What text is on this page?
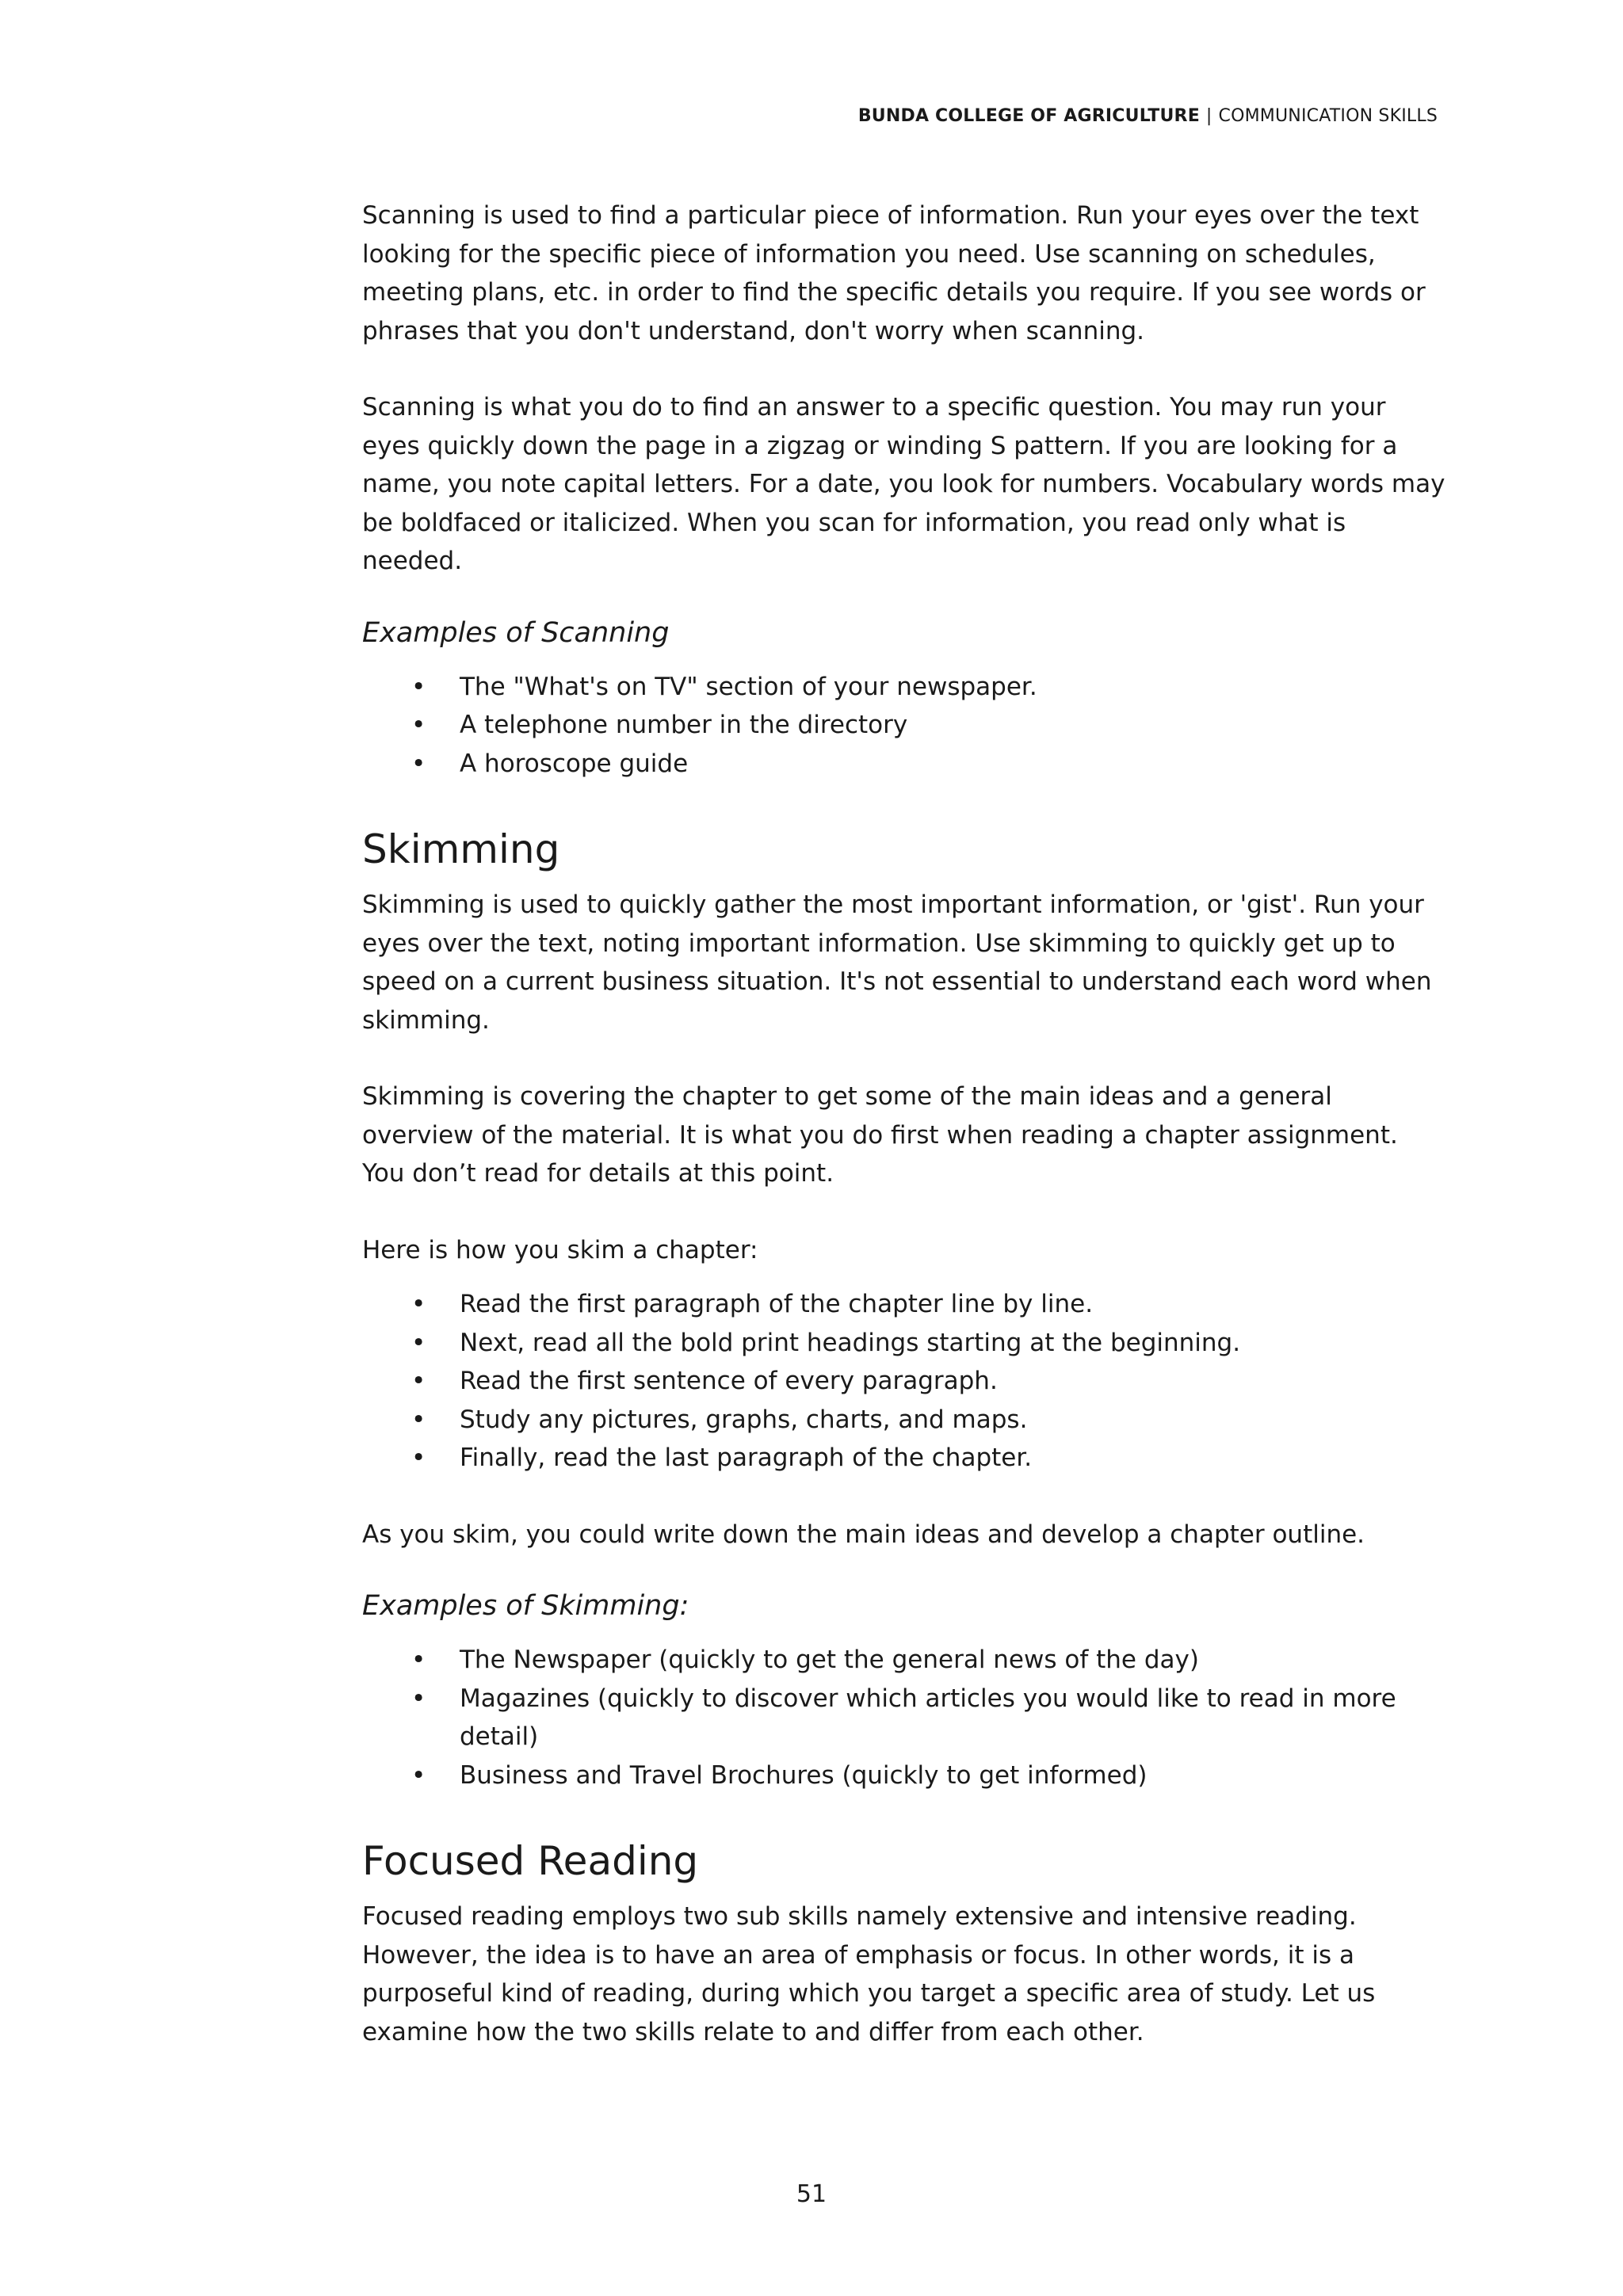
BUNDA COLLEGE OF AGRICULTURE | COMMUNICATION SKILLS

Scanning is used to find a particular piece of information. Run your eyes over the text looking for the specific piece of information you need. Use scanning on schedules, meeting plans, etc. in order to find the specific details you require. If you see words or phrases that you don't understand, don't worry when scanning.

Scanning is what you do to find an answer to a specific question. You may run your eyes quickly down the page in a zigzag or winding S pattern. If you are looking for a name, you note capital letters. For a date, you look for numbers. Vocabulary words may be boldfaced or italicized. When you scan for information, you read only what is needed.

Examples of Scanning
• The "What's on TV" section of your newspaper.
• A telephone number in the directory
• A horoscope guide
Skimming

Skimming is used to quickly gather the most important information, or 'gist'. Run your eyes over the text, noting important information. Use skimming to quickly get up to speed on a current business situation. It's not essential to understand each word when skimming.

Skimming is covering the chapter to get some of the main ideas and a general overview of the material. It is what you do first when reading a chapter assignment. You don’t read for details at this point.

Here is how you skim a chapter:

• Read the first paragraph of the chapter line by line.
• Next, read all the bold print headings starting at the beginning.
• Read the first sentence of every paragraph.
• Study any pictures, graphs, charts, and maps.
• Finally, read the last paragraph of the chapter.

As you skim, you could write down the main ideas and develop a chapter outline.

Examples of Skimming:
• The Newspaper (quickly to get the general news of the day)
• Magazines (quickly to discover which articles you would like to read in more detail)
• Business and Travel Brochures (quickly to get informed)
Focused Reading

Focused reading employs two sub skills namely extensive and intensive reading. However, the idea is to have an area of emphasis or focus. In other words, it is a purposeful kind of reading, during which you target a specific area of study. Let us examine how the two skills relate to and differ from each other.

51
